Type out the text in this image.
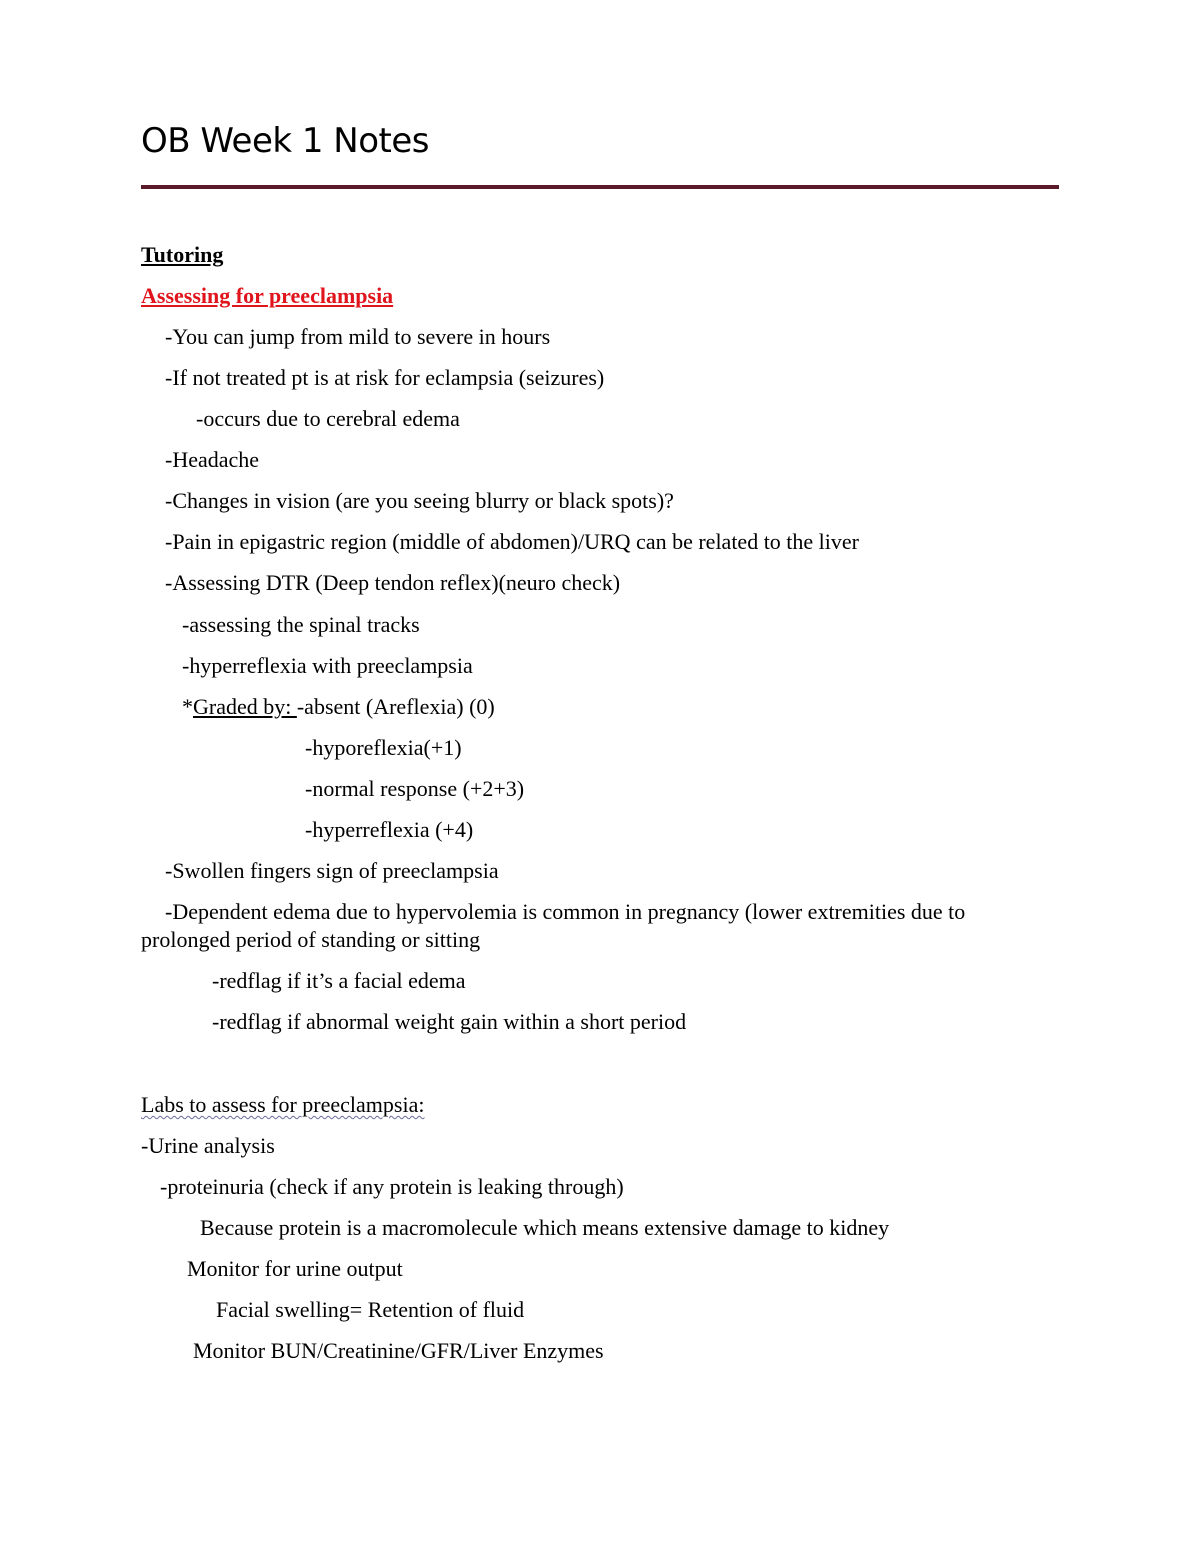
OB Week 1 Notes
Tutoring
Assessing for preeclampsia
-You can jump from mild to severe in hours
-If not treated pt is at risk for eclampsia (seizures)
-occurs due to cerebral edema
-Headache
-Changes in vision (are you seeing blurry or black spots)?
-Pain in epigastric region (middle of abdomen)/URQ can be related to the liver
-Assessing DTR (Deep tendon reflex)(neuro check)
-assessing the spinal tracks
-hyperreflexia with preeclampsia
*Graded by: -absent (Areflexia) (0)
-hyporeflexia(+1)
-normal response (+2+3)
-hyperreflexia (+4)
-Swollen fingers sign of preeclampsia
-Dependent edema due to hypervolemia is common in pregnancy (lower extremities due to
prolonged period of standing or sitting
-redflag if it’s a facial edema
-redflag if abnormal weight gain within a short period
Labs to assess for preeclampsia:
-Urine analysis
-proteinuria (check if any protein is leaking through)
Because protein is a macromolecule which means extensive damage to kidney
Monitor for urine output
Facial swelling= Retention of fluid
Monitor BUN/Creatinine/GFR/Liver Enzymes
